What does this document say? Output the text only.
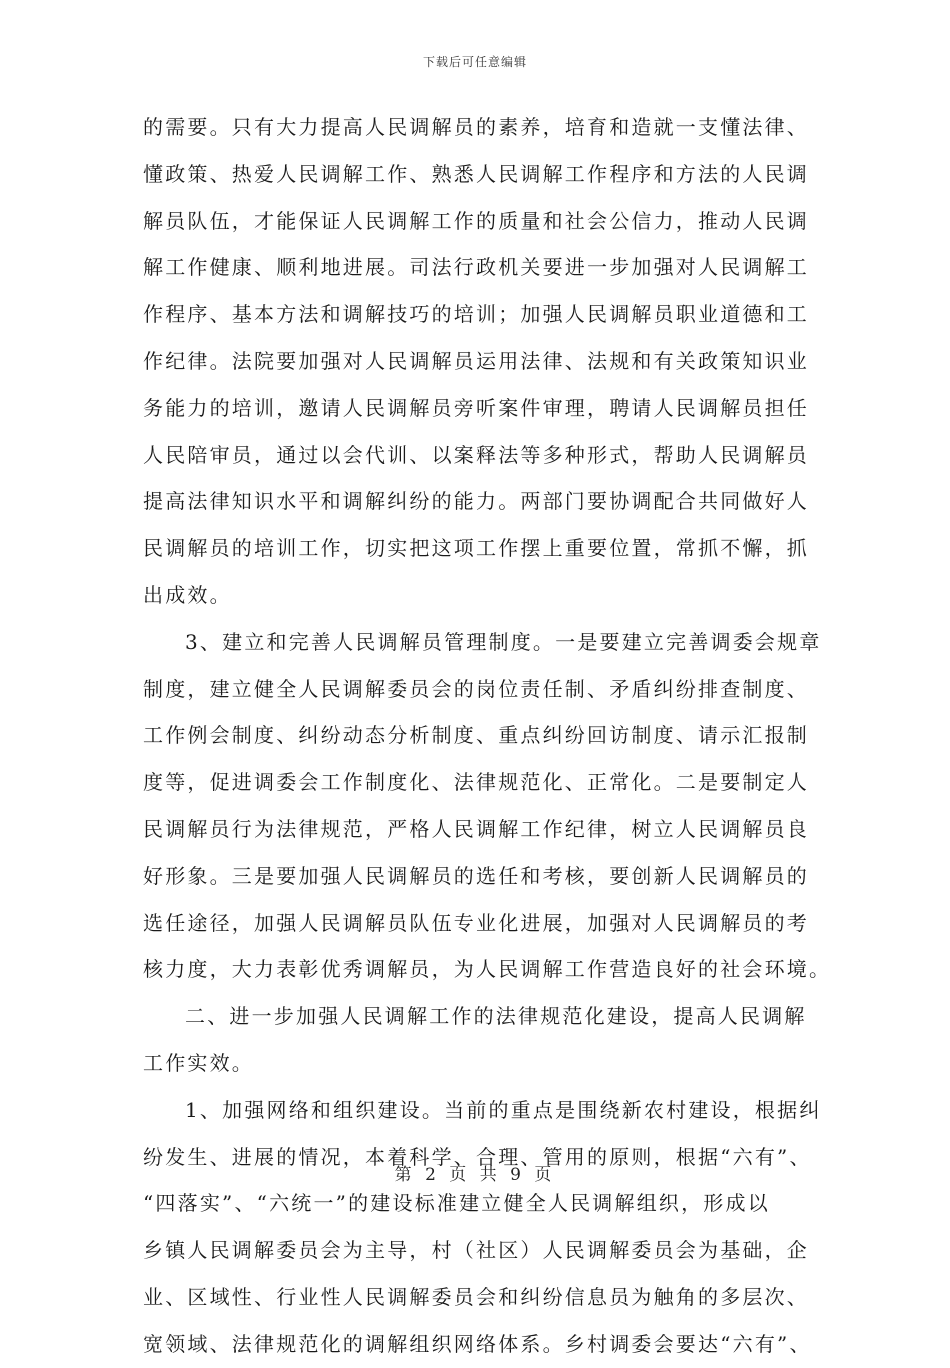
下载后可任意编辑
的需要。只有大力提高人民调解员的素养，培育和造就一支懂法律、
懂政策、热爱人民调解工作、熟悉人民调解工作程序和方法的人民调
解员队伍，才能保证人民调解工作的质量和社会公信力，推动人民调
解工作健康、顺利地进展。司法行政机关要进一步加强对人民调解工
作程序、基本方法和调解技巧的培训；加强人民调解员职业道德和工
作纪律。法院要加强对人民调解员运用法律、法规和有关政策知识业
务能力的培训，邀请人民调解员旁听案件审理，聘请人民调解员担任
人民陪审员，通过以会代训、以案释法等多种形式，帮助人民调解员
提高法律知识水平和调解纠纷的能力。两部门要协调配合共同做好人
民调解员的培训工作，切实把这项工作摆上重要位置，常抓不懈，抓
出成效。
3、建立和完善人民调解员管理制度。一是要建立完善调委会规章
制度，建立健全人民调解委员会的岗位责任制、矛盾纠纷排查制度、
工作例会制度、纠纷动态分析制度、重点纠纷回访制度、请示汇报制
度等，促进调委会工作制度化、法律规范化、正常化。二是要制定人
民调解员行为法律规范，严格人民调解工作纪律，树立人民调解员良
好形象。三是要加强人民调解员的选任和考核，要创新人民调解员的
选任途径，加强人民调解员队伍专业化进展，加强对人民调解员的考
核力度，大力表彰优秀调解员，为人民调解工作营造良好的社会环境。
二、进一步加强人民调解工作的法律规范化建设，提高人民调解
工作实效。
1、加强网络和组织建设。当前的重点是围绕新农村建设，根据纠
纷发生、进展的情况，本着科学、合理、管用的原则，根据“六有”、
“四落实”、“六统一”的建设标准建立健全人民调解组织，形成以
乡镇人民调解委员会为主导，村（社区）人民调解委员会为基础，企
业、区域性、行业性人民调解委员会和纠纷信息员为触角的多层次、
宽领域、法律规范化的调解组织网络体系。乡村调委会要达“六有”、
第 2 页 共 9 页
